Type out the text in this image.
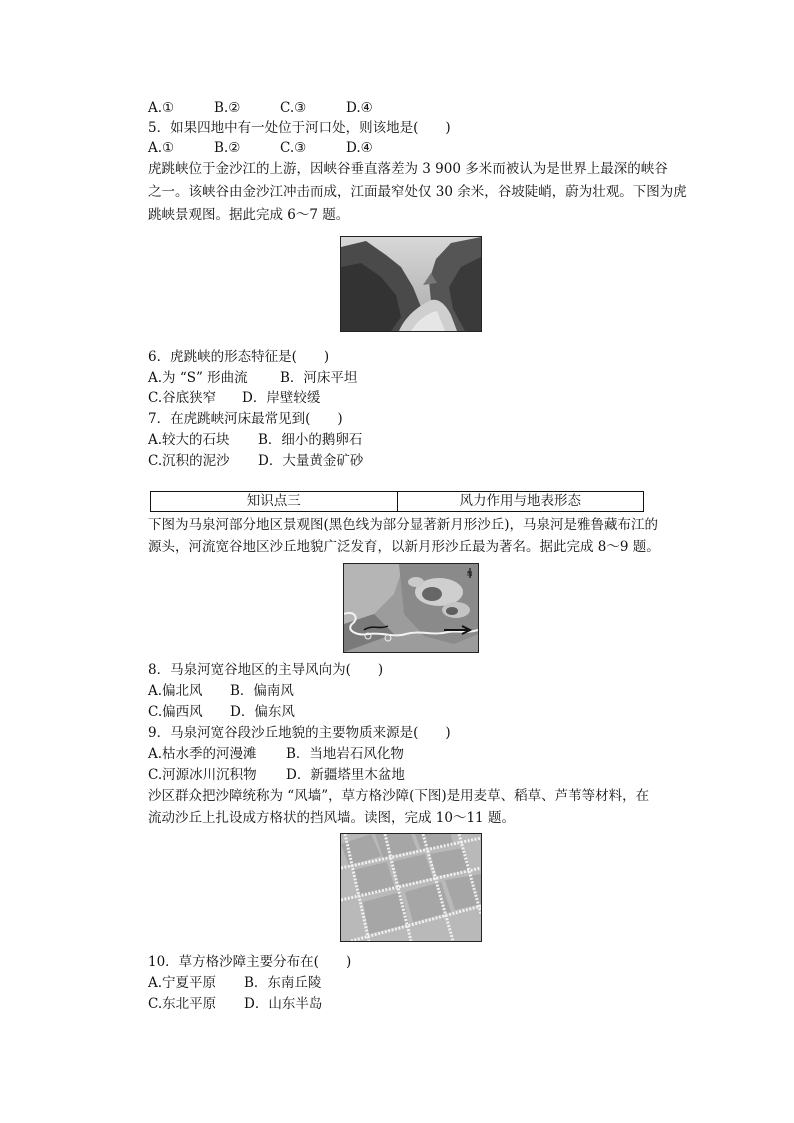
A.①	B.②	C.③	D.④
5．如果四地中有一处位于河口处，则该地是(　　)
A.①	B.②	C.③	D.④
虎跳峡位于金沙江的上游，因峡谷垂直落差为 3 900 多米而被认为是世界上最深的峡谷
之一。该峡谷由金沙江冲击而成，江面最窄处仅 30 余米，谷坡陡峭，蔚为壮观。下图为虎
跳峡景观图。据此完成 6～7 题。
6．虎跳峡的形态特征是(　　)
A.为 “S” 形曲流 B．河床平坦
C.谷底狭窄 D．岸壁较缓
7．在虎跳峡河床最常见到(　　)
A.较大的石块 B．细小的鹅卵石
C.沉积的泥沙 D．大量黄金矿砂
知识点三	风力作用与地表形态
下图为马泉河部分地区景观图(黑色线为部分显著新月形沙丘)，马泉河是雅鲁藏布江的
源头，河流宽谷地区沙丘地貌广泛发育，以新月形沙丘最为著名。据此完成 8～9 题。
N
8．马泉河宽谷地区的主导风向为(　　)
A.偏北风 B．偏南风
C.偏西风 D．偏东风
9．马泉河宽谷段沙丘地貌的主要物质来源是(　　)
A.枯水季的河漫滩 B．当地岩石风化物
C.河源冰川沉积物 D．新疆塔里木盆地
沙区群众把沙障统称为 “风墙”，草方格沙障(下图)是用麦草、稻草、芦苇等材料，在
流动沙丘上扎设成方格状的挡风墙。读图，完成 10～11 题。
10．草方格沙障主要分布在(　　)
A.宁夏平原 B．东南丘陵
C.东北平原 D．山东半岛
